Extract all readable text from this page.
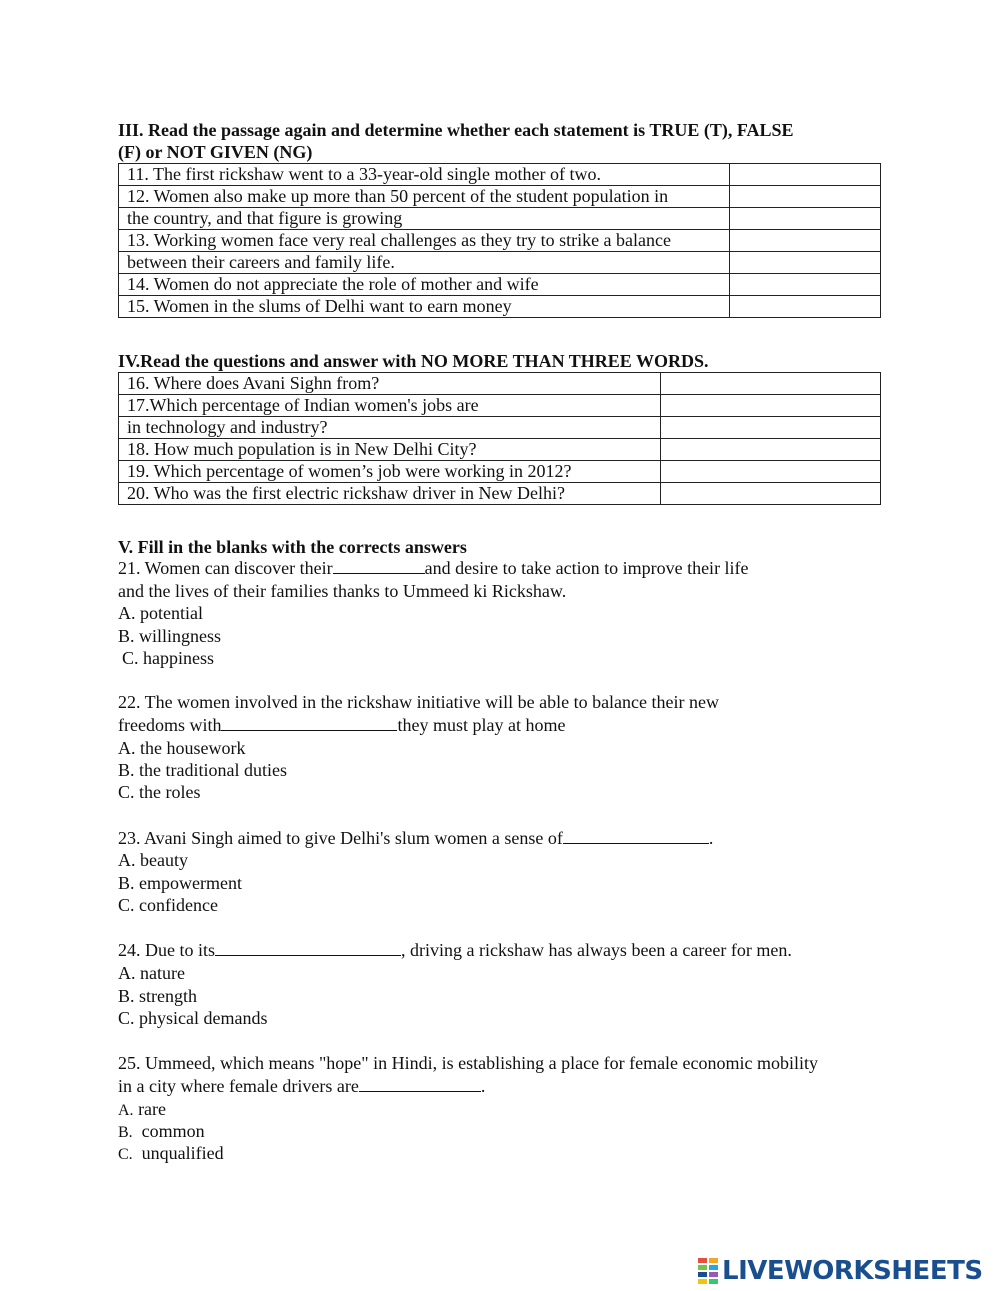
III. Read the passage again and determine whether each statement is TRUE (T), FALSE
(F) or NOT GIVEN (NG)
11. The first rickshaw went to a 33-year-old single mother of two.	
12. Women also make up more than 50 percent of the student population in	
the country, and that figure is growing	
13. Working women face very real challenges as they try to strike a balance	
between their careers and family life.	
14. Women do not appreciate the role of mother and wife	
15. Women in the slums of Delhi want to earn money	
IV.Read the questions and answer with NO MORE THAN THREE WORDS.
16. Where does Avani Sighn from?	
17.Which percentage of Indian women's jobs are	
in technology and industry?	
18. How much population is in New Delhi City?	
19. Which percentage of women’s job were working in 2012?	
20. Who was the first electric rickshaw driver in New Delhi?	
V. Fill in the blanks with the corrects answers
21. Women can discover their	and desire to take action to improve their life
and the lives of their families thanks to Ummeed ki Rickshaw.
A. potential
B. willingness
C. happiness
22. The women involved in the rickshaw initiative will be able to balance their new
freedoms with	they must play at home
A. the housework
B. the traditional duties
C. the roles
23. Avani Singh aimed to give Delhi's slum women a sense of	.
A. beauty
B. empowerment
C. confidence
24. Due to its	, driving a rickshaw has always been a career for men.
A. nature
B. strength
C. physical demands
25. Ummeed, which means "hope" in Hindi, is establishing a place for female economic mobility
in a city where female drivers are	.
A. rare
B. common
C. unqualified
LIVEWORKSHEETS
